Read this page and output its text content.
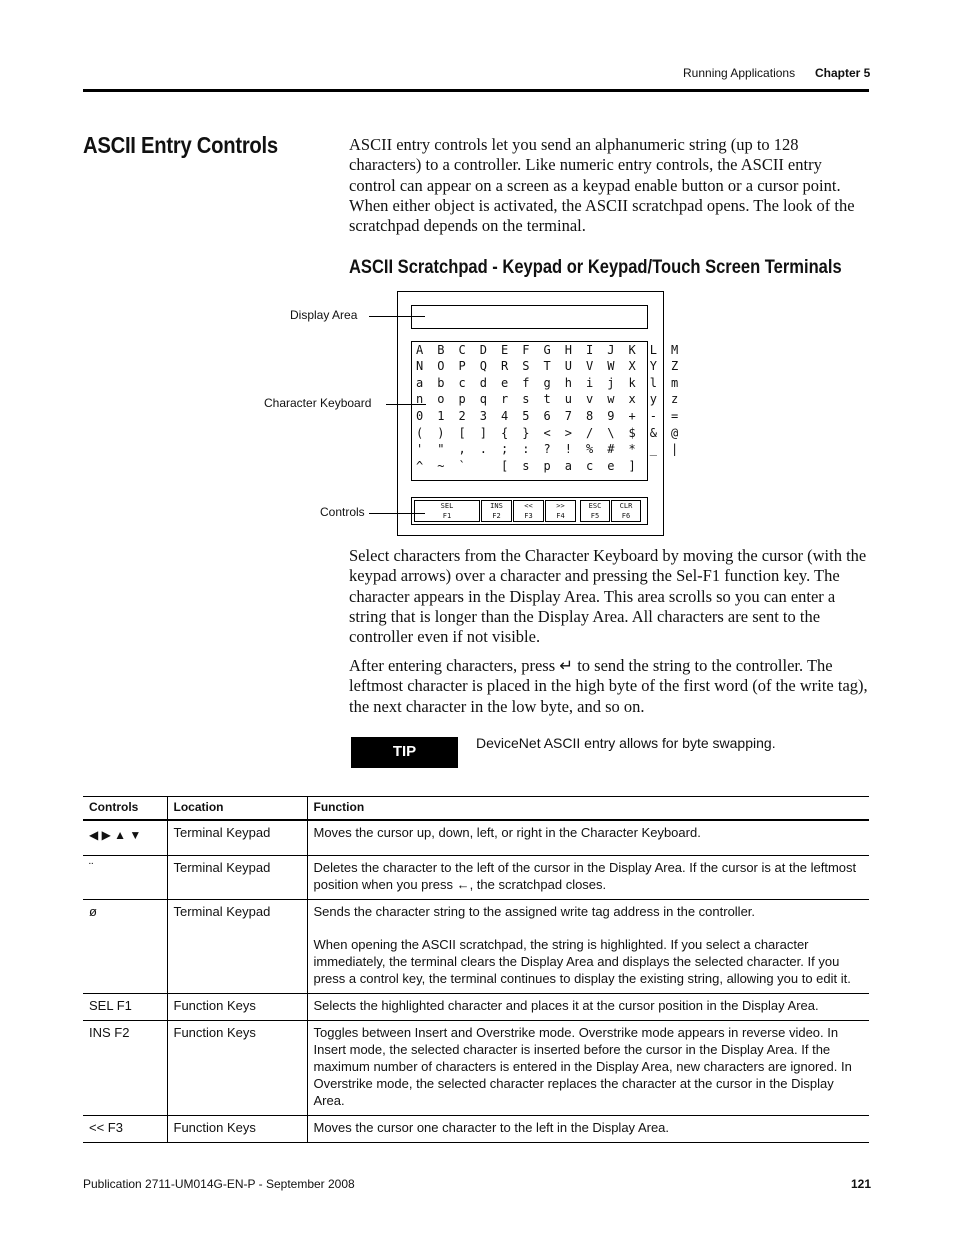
Running Applications Chapter 5
ASCII Entry Controls	ASCII entry controls let you send an alphanumeric string (up to 128 characters) to a controller. Like numeric entry controls, the ASCII entry control can appear on a screen as a keypad enable button or a cursor point. When either object is activated, the ASCII scratchpad opens. The look of the scratchpad depends on the terminal.
ASCII Scratchpad - Keypad or Keypad/Touch Screen Terminals
Display Area
Character Keyboard
Controls
A B C D E F G H I J K L M
N O P Q R S T U V W X Y Z
a b c d e f g h i j k l m
n o p q r s t u v w x y z
0 1 2 3 4 5 6 7 8 9 + - =
( ) [ ] { } < > / \ $ & @
' " , . ; : ? ! % # * _ |
^ ~ `   [ s p a c e ]
SEL
F1
INS
F2
<<
F3
>>
F4
ESC
F5
CLR
F6
Select characters from the Character Keyboard by moving the cursor (with the keypad arrows) over a character and pressing the Sel-F1 function key. The character appears in the Display Area. This area scrolls so you can enter a string that is longer than the Display Area. All characters are sent to the controller even if not visible.
After entering characters, press ↵ to send the string to the controller. The leftmost character is placed in the high byte of the first word (of the write tag), the next character in the low byte, and so on.
TIP	DeviceNet ASCII entry allows for byte swapping.
Controls	Location	Function
◀ ▶ ▲ ▼	Terminal Keypad	Moves the cursor up, down, left, or right in the Character Keyboard.
¨	Terminal Keypad	Deletes the character to the left of the cursor in the Display Area. If the cursor is at the leftmost position when you press ←, the scratchpad closes.
ø	Terminal Keypad	Sends the character string to the assigned write tag address in the controller.
When opening the ASCII scratchpad, the string is highlighted. If you select a character immediately, the terminal clears the Display Area and displays the selected character. If you press a control key, the terminal continues to display the existing string, allowing you to edit it.

SEL F1	Function Keys	Selects the highlighted character and places it at the cursor position in the Display Area.
INS F2	Function Keys	Toggles between Insert and Overstrike mode. Overstrike mode appears in reverse video. In Insert mode, the selected character is inserted before the cursor in the Display Area. If the maximum number of characters is entered in the Display Area, new characters are ignored. In Overstrike mode, the selected character replaces the character at the cursor in the Display Area.
<< F3	Function Keys	Moves the cursor one character to the left in the Display Area.
Publication 2711-UM014G-EN-P - September 2008	121
